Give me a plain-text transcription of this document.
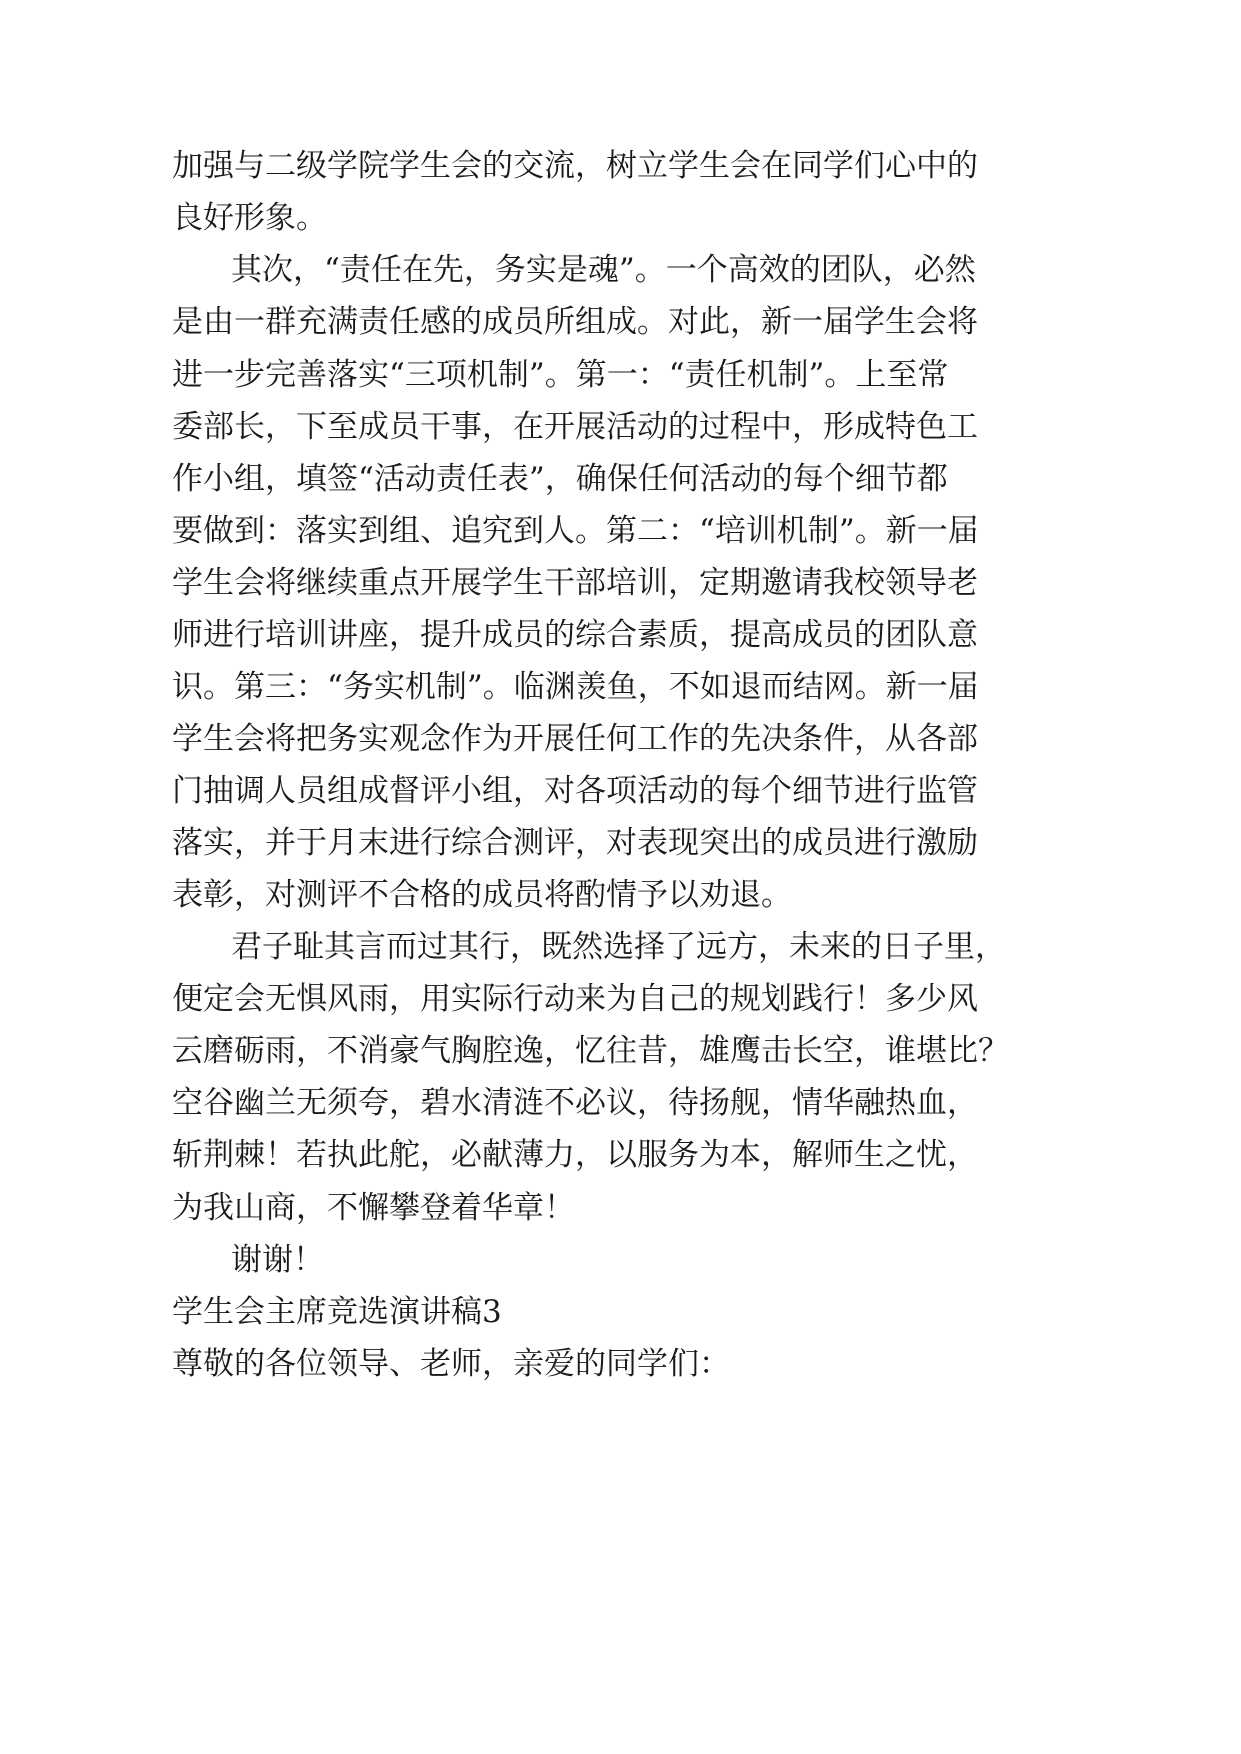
加强与二级学院学生会的交流，树立学生会在同学们心中的
良好形象。
其次，“责任在先，务实是魂”。一个高效的团队，必然
是由一群充满责任感的成员所组成。对此，新一届学生会将
进一步完善落实“三项机制”。第一：“责任机制”。上至常
委部长，下至成员干事，在开展活动的过程中，形成特色工
作小组，填签“活动责任表”，确保任何活动的每个细节都
要做到：落实到组、追究到人。第二：“培训机制”。新一届
学生会将继续重点开展学生干部培训，定期邀请我校领导老
师进行培训讲座，提升成员的综合素质，提高成员的团队意
识。第三：“务实机制”。临渊羡鱼，不如退而结网。新一届
学生会将把务实观念作为开展任何工作的先决条件，从各部
门抽调人员组成督评小组，对各项活动的每个细节进行监管
落实，并于月末进行综合测评，对表现突出的成员进行激励
表彰，对测评不合格的成员将酌情予以劝退。
君子耻其言而过其行，既然选择了远方，未来的日子里，
便定会无惧风雨，用实际行动来为自己的规划践行！多少风
云磨砺雨，不消豪气胸腔逸，忆往昔，雄鹰击长空，谁堪比？
空谷幽兰无须夸，碧水清涟不必议，待扬舰，情华融热血，
斩荆棘！若执此舵，必献薄力，以服务为本，解师生之忧，
为我山商，不懈攀登着华章！
谢谢！
学生会主席竞选演讲稿3
尊敬的各位领导、老师，亲爱的同学们：
